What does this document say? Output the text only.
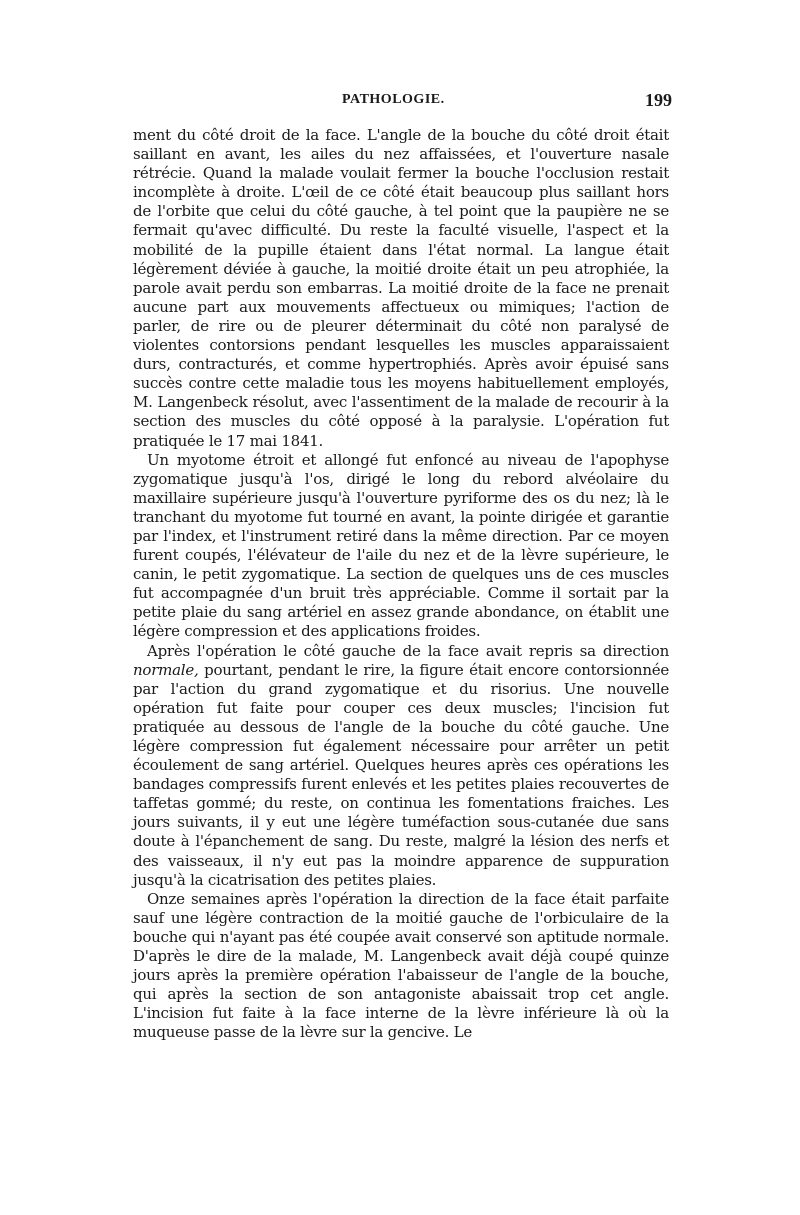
PATHOLOGIE.	199

ment du côté droit de la face. L'angle de la bouche du côté droit était saillant en avant, les ailes du nez affaissées, et l'ouverture nasale rétrécie. Quand la malade voulait fermer la bouche l'occlusion restait incomplète à droite. L'œil de ce côté était beaucoup plus saillant hors de l'orbite que celui du côté gauche, à tel point que la paupière ne se fermait qu'avec difficulté. Du reste la faculté visuelle, l'aspect et la mobilité de la pupille étaient dans l'état normal. La langue était légèrement déviée à gauche, la moitié droite était un peu atrophiée, la parole avait perdu son embarras. La moitié droite de la face ne prenait aucune part aux mouvements affectueux ou mimiques; l'action de parler, de rire ou de pleurer déterminait du côté non paralysé de violentes contorsions pendant lesquelles les muscles apparaissaient durs, contracturés, et comme hypertrophiés. Après avoir épuisé sans succès contre cette maladie tous les moyens habituellement employés, M. Langenbeck résolut, avec l'assentiment de la malade de recourir à la section des muscles du côté opposé à la paralysie. L'opération fut pratiquée le 17 mai 1841.

Un myotome étroit et allongé fut enfoncé au niveau de l'apophyse zygomatique jusqu'à l'os, dirigé le long du rebord alvéolaire du maxillaire supérieure jusqu'à l'ouverture pyriforme des os du nez; là le tranchant du myotome fut tourné en avant, la pointe dirigée et garantie par l'index, et l'instrument retiré dans la même direction. Par ce moyen furent coupés, l'élévateur de l'aile du nez et de la lèvre supérieure, le canin, le petit zygomatique. La section de quelques uns de ces muscles fut accompagnée d'un bruit très appréciable. Comme il sortait par la petite plaie du sang artériel en assez grande abondance, on établit une légère compression et des applications froides.

Après l'opération le côté gauche de la face avait repris sa direction normale, pourtant, pendant le rire, la figure était encore contorsionnée par l'action du grand zygomatique et du risorius. Une nouvelle opération fut faite pour couper ces deux muscles; l'incision fut pratiquée au dessous de l'angle de la bouche du côté gauche. Une légère compression fut également nécessaire pour arrêter un petit écoulement de sang artériel. Quelques heures après ces opérations les bandages compressifs furent enlevés et les petites plaies recouvertes de taffetas gommé; du reste, on continua les fomentations fraiches. Les jours suivants, il y eut une légère tuméfaction sous-cutanée due sans doute à l'épanchement de sang. Du reste, malgré la lésion des nerfs et des vaisseaux, il n'y eut pas la moindre apparence de suppuration jusqu'à la cicatrisation des petites plaies.

Onze semaines après l'opération la direction de la face était parfaite sauf une légère contraction de la moitié gauche de l'orbiculaire de la bouche qui n'ayant pas été coupée avait conservé son aptitude normale. D'après le dire de la malade, M. Langenbeck avait déjà coupé quinze jours après la première opération l'abaisseur de l'angle de la bouche, qui après la section de son antagoniste abaissait trop cet angle. L'incision fut faite à la face interne de la lèvre inférieure là où la muqueuse passe de la lèvre sur la gencive. Le
